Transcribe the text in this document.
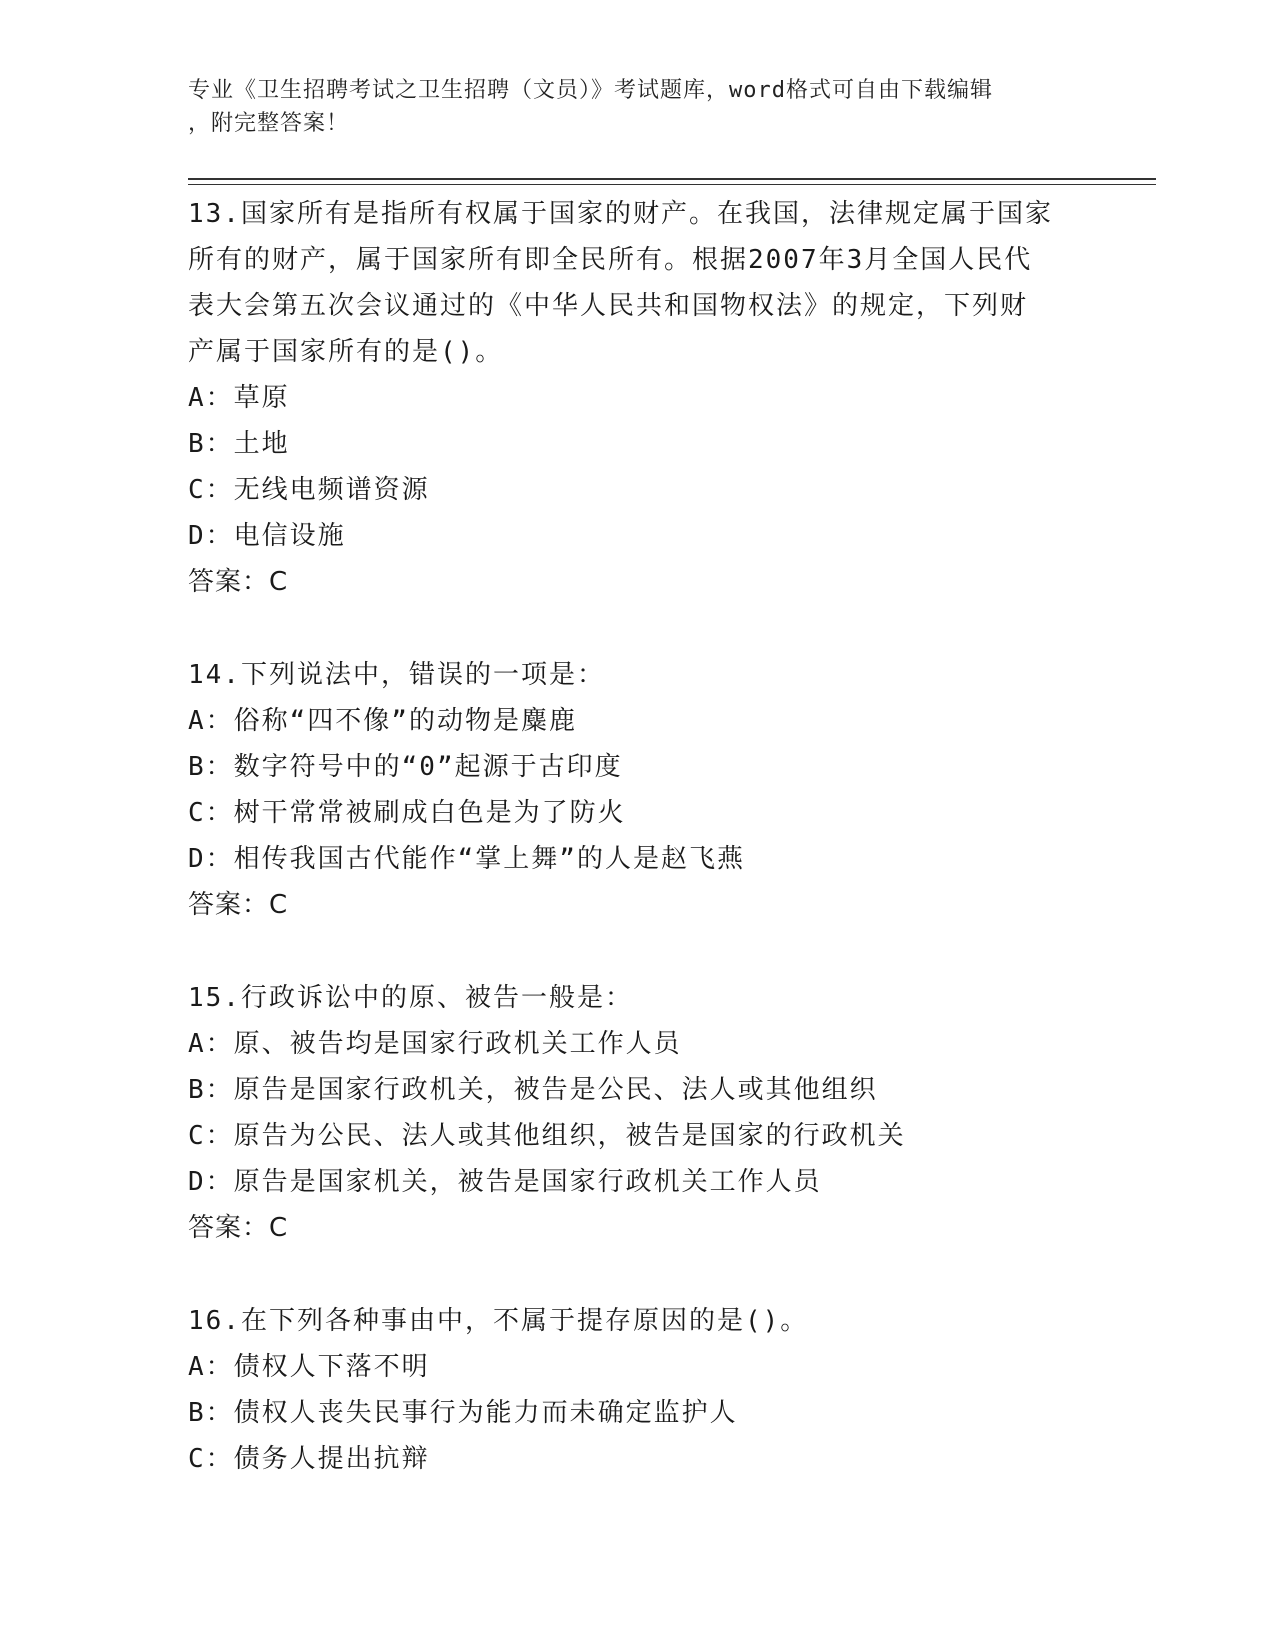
专业《卫生招聘考试之卫生招聘（文员）》考试题库，word格式可自由下载编辑
，附完整答案！
13.国家所有是指所有权属于国家的财产。在我国，法律规定属于国家
所有的财产，属于国家所有即全民所有。根据2007年3月全国人民代
表大会第五次会议通过的《中华人民共和国物权法》的规定，下列财
产属于国家所有的是()。
A：草原
B：土地
C：无线电频谱资源
D：电信设施
答案：C
14.下列说法中，错误的一项是：
A：俗称“四不像”的动物是麋鹿
B：数字符号中的“0”起源于古印度
C：树干常常被刷成白色是为了防火
D：相传我国古代能作“掌上舞”的人是赵飞燕
答案：C
15.行政诉讼中的原、被告一般是：
A：原、被告均是国家行政机关工作人员
B：原告是国家行政机关，被告是公民、法人或其他组织
C：原告为公民、法人或其他组织，被告是国家的行政机关
D：原告是国家机关，被告是国家行政机关工作人员
答案：C
16.在下列各种事由中，不属于提存原因的是()。
A：债权人下落不明
B：债权人丧失民事行为能力而未确定监护人
C：债务人提出抗辩
